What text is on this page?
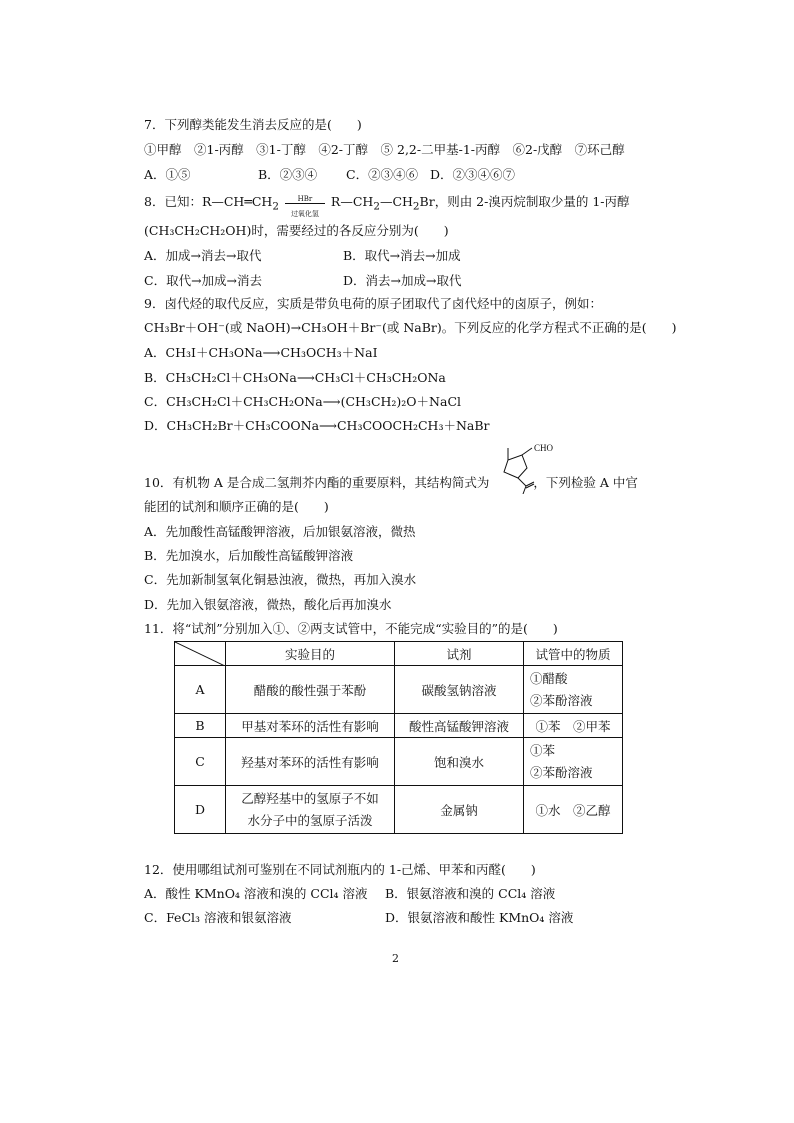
7．下列醇类能发生消去反应的是(　　)
①甲醇　②1-丙醇　③1-丁醇　④2-丁醇　⑤ 2,2-二甲基-1-丙醇　⑥2-戊醇　⑦环己醇
A．①⑤	B．②③④ C．②③④⑥ D．②③④⑥⑦
8．已知：$R—CH═CH_2$
HBr
过氧化氢
$R—CH_2—CH_2Br$，则由 2-溴丙烷制取少量的 1-丙醇
(CH₃CH₂CH₂OH)时，需要经过的各反应分别为(　　)
A．加成→消去→取代	B．取代→消去→加成
C．取代→加成→消去	D．消去→加成→取代
9．卤代烃的取代反应，实质是带负电荷的原子团取代了卤代烃中的卤原子，例如：
CH₃Br＋OH⁻(或 NaOH)→CH₃OH＋Br⁻(或 NaBr)。下列反应的化学方程式不正确的是(　　)
A．CH₃I＋CH₃ONa⟶CH₃OCH₃＋NaI
B．CH₃CH₂Cl＋CH₃ONa⟶CH₃Cl＋CH₃CH₂ONa
C．CH₃CH₂Cl＋CH₃CH₂ONa⟶(CH₃CH₂)₂O＋NaCl
D．CH₃CH₂Br＋CH₃COONa⟶CH₃COOCH₂CH₃＋NaBr
CHO
10．有机物 A 是合成二氢荆芥内酯的重要原料，其结构简式为	，下列检验 A 中官
能团的试剂和顺序正确的是(　　)
A．先加酸性高锰酸钾溶液，后加银氨溶液，微热
B．先加溴水，后加酸性高锰酸钾溶液
C．先加新制氢氧化铜悬浊液，微热，再加入溴水
D．先加入银氨溶液，微热，酸化后再加溴水
11．将“试剂”分别加入①、②两支试管中，不能完成“实验目的”的是(　　)
	实验目的	试剂	试管中的物质
A	醋酸的酸性强于苯酚	碳酸氢钠溶液	①醋酸
②苯酚溶液

B	甲基对苯环的活性有影响	酸性高锰酸钾溶液	①苯　②甲苯
C	羟基对苯环的活性有影响	饱和溴水	①苯
②苯酚溶液

D	乙醇羟基中的氢原子不如
水分子中的氢原子活泼	金属钠	①水　②乙醇
12．使用哪组试剂可鉴别在不同试剂瓶内的 1-己烯、甲苯和丙醛(　　)
A．酸性 KMnO₄ 溶液和溴的 CCl₄ 溶液 B．银氨溶液和溴的 CCl₄ 溶液
C．FeCl₃ 溶液和银氨溶液	D．银氨溶液和酸性 KMnO₄ 溶液
2
